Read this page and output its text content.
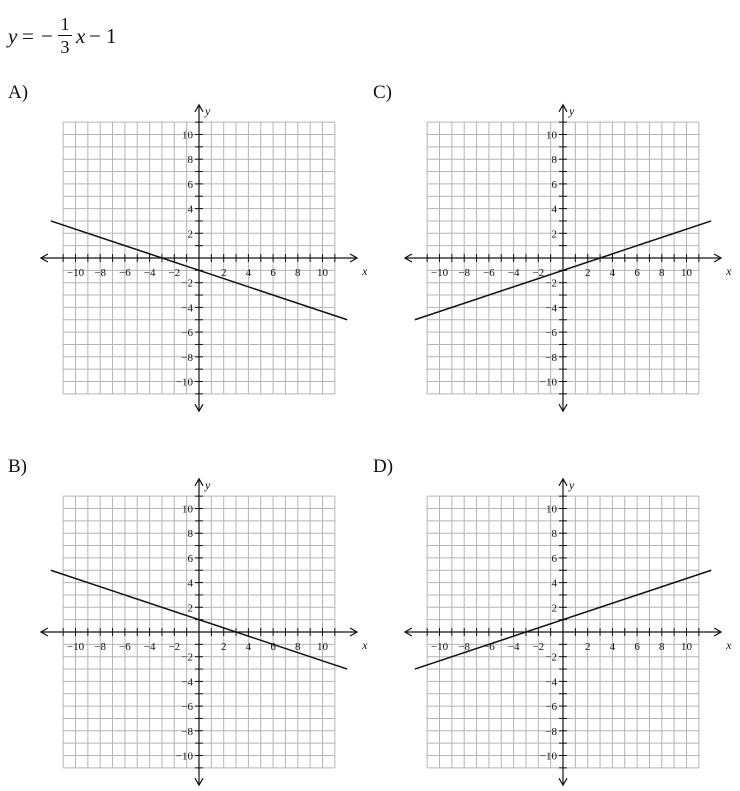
y = − 1
3 x − 1
A)	C)
B)	D)
−10 −8 −6 −4 −2	2 4 6 8 10
10
8
6
4
2
−2
−4
−6
−8
−10
x
y
−10 −8 −6 −4 −2	2 4 6 8 10
10
8
6
4
2
−2
−4
−6
−8
−10
x
y
−10 −8 −6 −4 −2	2 4 6 8 10
10
8
6
4
2
−2
−4
−6
−8
−10
x
y
−10 −8 −6 −4 −2	2 4 6 8 10
10
8
6
4
2
−2
−4
−6
−8
−10
x
y
